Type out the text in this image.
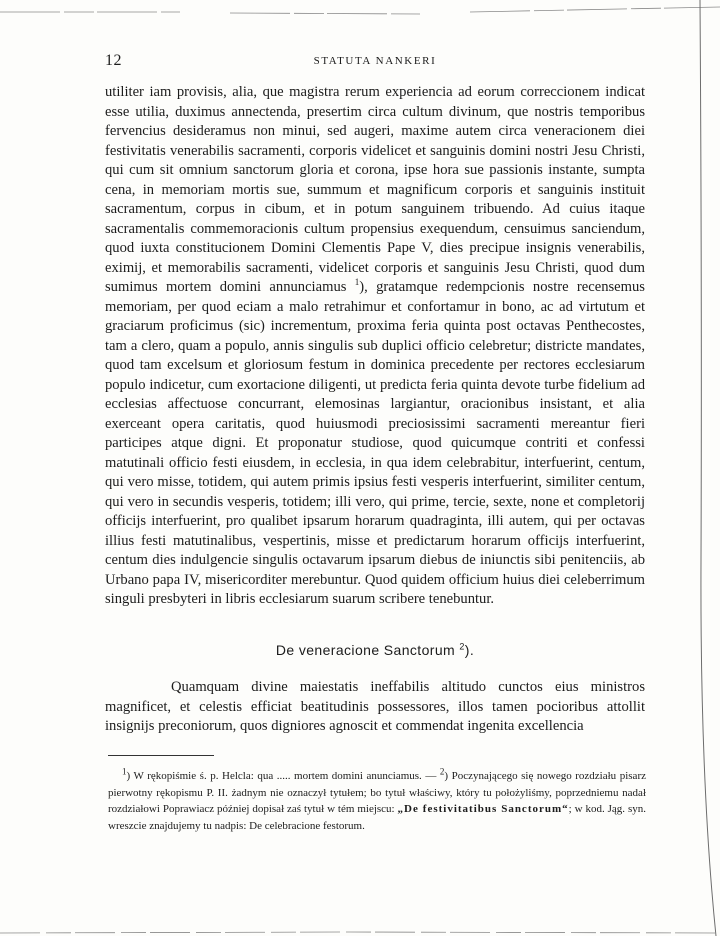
12	STATUTA NANKERI

utiliter iam provisis, alia, que magistra rerum experiencia ad eorum correccionem indicat esse utilia, duximus annectenda, presertim circa cultum divinum, que nostris temporibus fervencius desideramus non minui, sed augeri, maxime autem circa veneracionem diei festivitatis venerabilis sacramenti, corporis videlicet et sanguinis domini nostri Jesu Christi, qui cum sit omnium sanctorum gloria et corona, ipse hora sue passionis instante, sumpta cena, in memoriam mortis sue, summum et magnificum corporis et sanguinis instituit sacramentum, corpus in cibum, et in potum sanguinem tribuendo. Ad cuius itaque sacramentalis commemoracionis cultum propensius exequendum, censuimus sanciendum, quod iuxta constitucionem Domini Clementis Pape V, dies precipue insignis venerabilis, eximij, et memorabilis sacramenti, videlicet corporis et sanguinis Jesu Christi, quod dum sumimus mortem domini annunciamus $^1$), gratamque redempcionis nostre recensemus memoriam, per quod eciam a malo retrahimur et confortamur in bono, ac ad virtutum et graciarum proficimus (sic) incrementum, proxima feria quinta post octavas Penthecostes, tam a clero, quam a populo, annis singulis sub duplici officio celebretur; districte mandates, quod tam excelsum et gloriosum festum in dominica precedente per rectores ecclesiarum populo indicetur, cum exortacione diligenti, ut predicta feria quinta devote turbe fidelium ad ecclesias affectuose concurrant, elemosinas largiantur, oracionibus insistant, et alia exerceant opera caritatis, quod huiusmodi preciosissimi sacramenti mereantur fieri participes atque digni. Et proponatur studiose, quod quicumque contriti et confessi matutinali officio festi eiusdem, in ecclesia, in qua idem celebrabitur, interfuerint, centum, qui vero misse, totidem, qui autem primis ipsius festi vesperis interfuerint, similiter centum, qui vero in secundis vesperis, totidem; illi vero, qui prime, tercie, sexte, none et completorij officijs interfuerint, pro qualibet ipsarum horarum quadraginta, illi autem, qui per octavas illius festi matutinalibus, vespertinis, misse et predictarum horarum officijs interfuerint, centum dies indulgencie singulis octavarum ipsarum diebus de iniunctis sibi penitenciis, ab Urbano papa IV, misericorditer merebuntur. Quod quidem officium huius diei celeberrimum singuli presbyteri in libris ecclesiarum suarum scribere tenebuntur.

De veneracione Sanctorum $^2$).

Quamquam divine maiestatis ineffabilis altitudo cunctos eius ministros magnificet, et celestis efficiat beatitudinis possessores, illos tamen pocioribus attollit insignijs preconiorum, quos digniores agnoscit et commendat ingenita excellencia

$^1$) W rękopiśmie ś. p. Helcla: qua ..... mortem domini anunciamus. — $^2$) Poczynającego się nowego rozdziału pisarz pierwotny rękopismu P. II. żadnym nie oznaczył tytułem; bo tytuł właściwy, który tu położyliśmy, poprzedniemu nadał rozdziałowi Poprawiacz później dopisał zaś tytuł w tém miejscu: „De festivitatibus Sanctorum“; w kod. Jąg. syn. wreszcie znajdujemy tu nadpis: De celebracione festorum.
